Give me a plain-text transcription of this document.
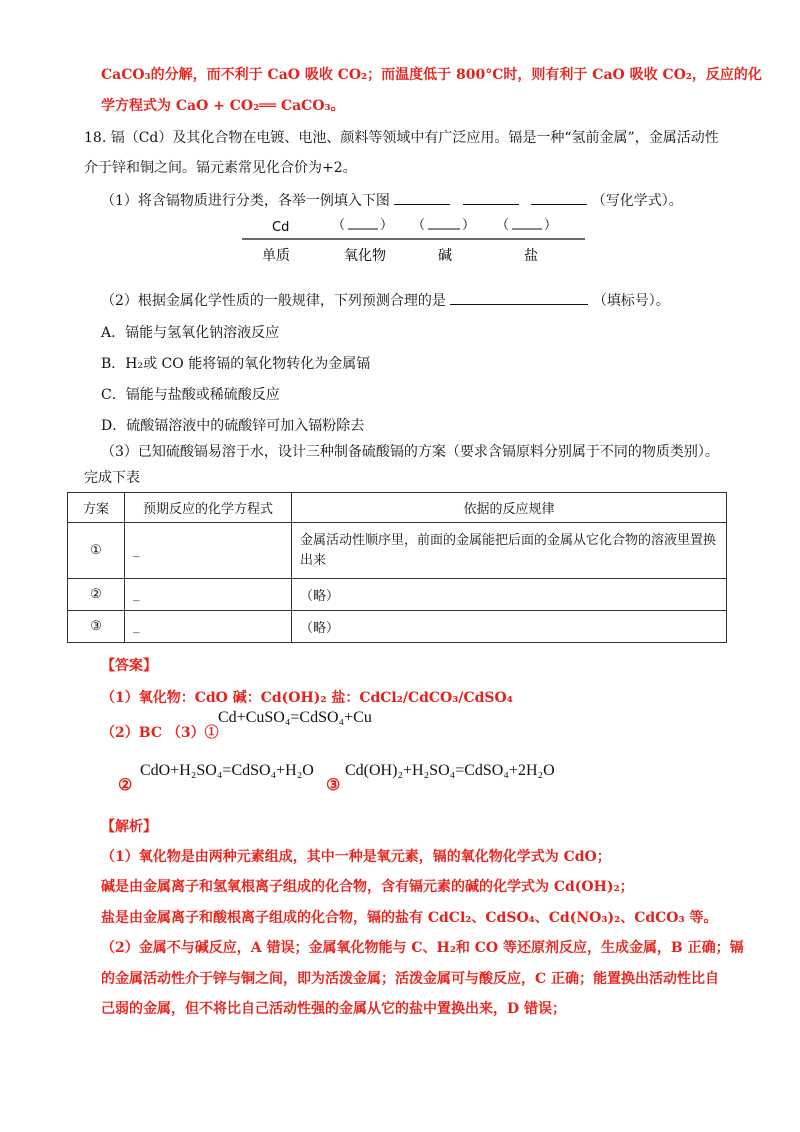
CaCO₃的分解，而不利于 CaO 吸收 CO₂；而温度低于 800°C时，则有利于 CaO 吸收 CO₂，反应的化
学方程式为 CaO + CO₂══ CaCO₃。
18. 镉（Cd）及其化合物在电镀、电池、颜料等领域中有广泛应用。镉是一种“氢前金属”，金属活动性
介于锌和铜之间。镉元素常见化合价为+2。
（1）将含镉物质进行分类，各举一例填入下图	（写化学式）。
Cd	（	） （	） （	）
单质	氧化物	碱	盐
（2）根据金属化学性质的一般规律，下列预测合理的是	（填标号）。
A．镉能与氢氧化钠溶液反应
B．H₂或 CO 能将镉的氧化物转化为金属镉
C．镉能与盐酸或稀硫酸反应
D．硫酸镉溶液中的硫酸锌可加入镉粉除去
（3）已知硫酸镉易溶于水，设计三种制备硫酸镉的方案（要求含镉原料分别属于不同的物质类别）。
完成下表
方案	预期反应的化学方程式	依据的反应规律
①	_	金属活动性顺序里，前面的金属能把后面的金属从它化合物的溶液里置换出来
②	_	（略）
③	_	（略）
【答案】
（1）氧化物：CdO 碱：Cd(OH)₂ 盐：CdCl₂/CdCO₃/CdSO₄
（2）BC （3）①
Cd+CuSO₄=CdSO₄+Cu
②
CdO+H₂SO₄=CdSO₄+H₂O
③
Cd(OH)₂+H₂SO₄=CdSO₄+2H₂O
【解析】
（1）氧化物是由两种元素组成，其中一种是氧元素，镉的氧化物化学式为 CdO；
碱是由金属离子和氢氧根离子组成的化合物，含有镉元素的碱的化学式为 Cd(OH)₂；
盐是由金属离子和酸根离子组成的化合物，镉的盐有 CdCl₂、CdSO₄、Cd(NO₃)₂、CdCO₃ 等。
（2）金属不与碱反应，A 错误；金属氧化物能与 C、H₂和 CO 等还原剂反应，生成金属，B 正确；镉
的金属活动性介于锌与铜之间，即为活泼金属；活泼金属可与酸反应，C 正确；能置换出活动性比自
己弱的金属，但不将比自己活动性强的金属从它的盐中置换出来，D 错误；
